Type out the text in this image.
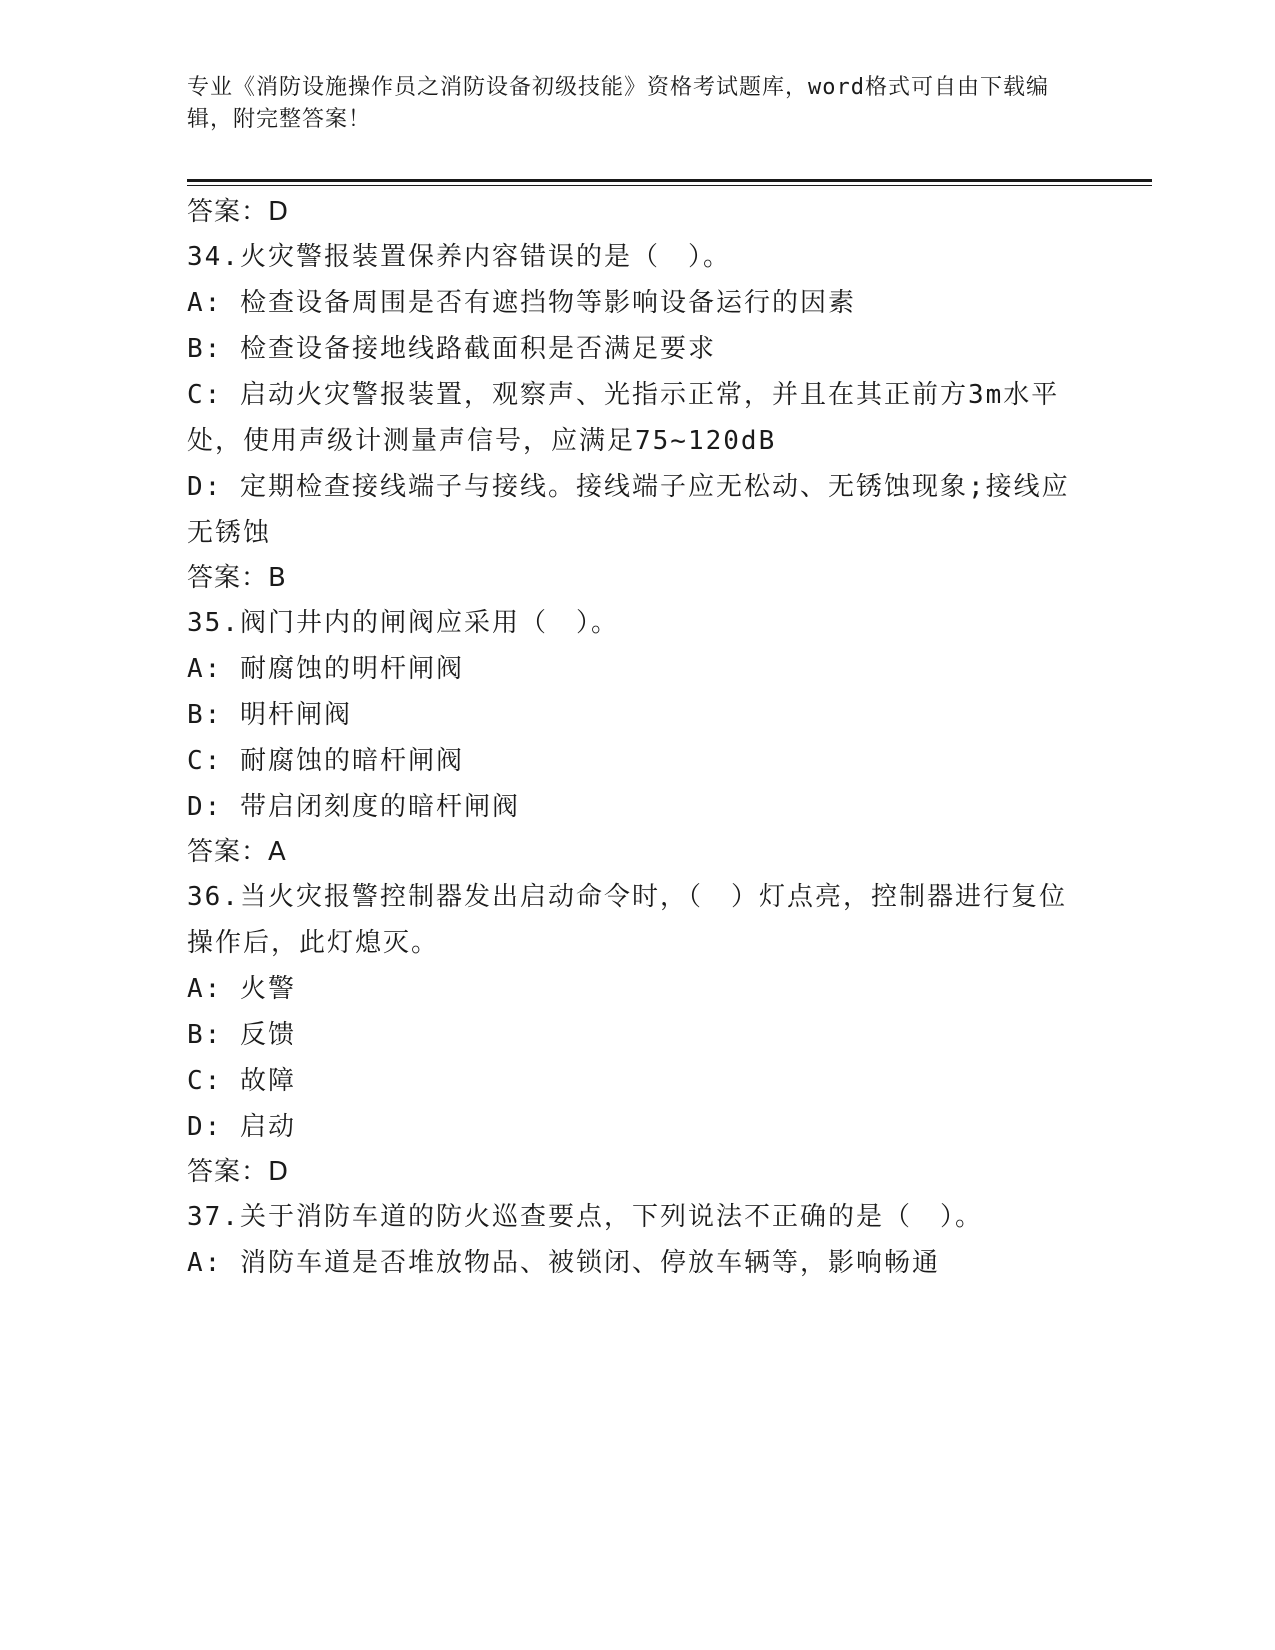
专业《消防设施操作员之消防设备初级技能》资格考试题库，word格式可自由下载编辑，附完整答案！

答案：D

34.火灾警报装置保养内容错误的是（　）。

A: 检查设备周围是否有遮挡物等影响设备运行的因素

B: 检查设备接地线路截面积是否满足要求

C: 启动火灾警报装置，观察声、光指示正常，并且在其正前方3m水平处，使用声级计测量声信号，应满足75~120dB

D: 定期检查接线端子与接线。接线端子应无松动、无锈蚀现象;接线应无锈蚀

答案：B

35.阀门井内的闸阀应采用（　）。

A: 耐腐蚀的明杆闸阀

B: 明杆闸阀

C: 耐腐蚀的暗杆闸阀

D: 带启闭刻度的暗杆闸阀

答案：A

36.当火灾报警控制器发出启动命令时，（　）灯点亮，控制器进行复位操作后，此灯熄灭。

A: 火警

B: 反馈

C: 故障

D: 启动

答案：D

37.关于消防车道的防火巡查要点，下列说法不正确的是（　）。

A: 消防车道是否堆放物品、被锁闭、停放车辆等，影响畅通
